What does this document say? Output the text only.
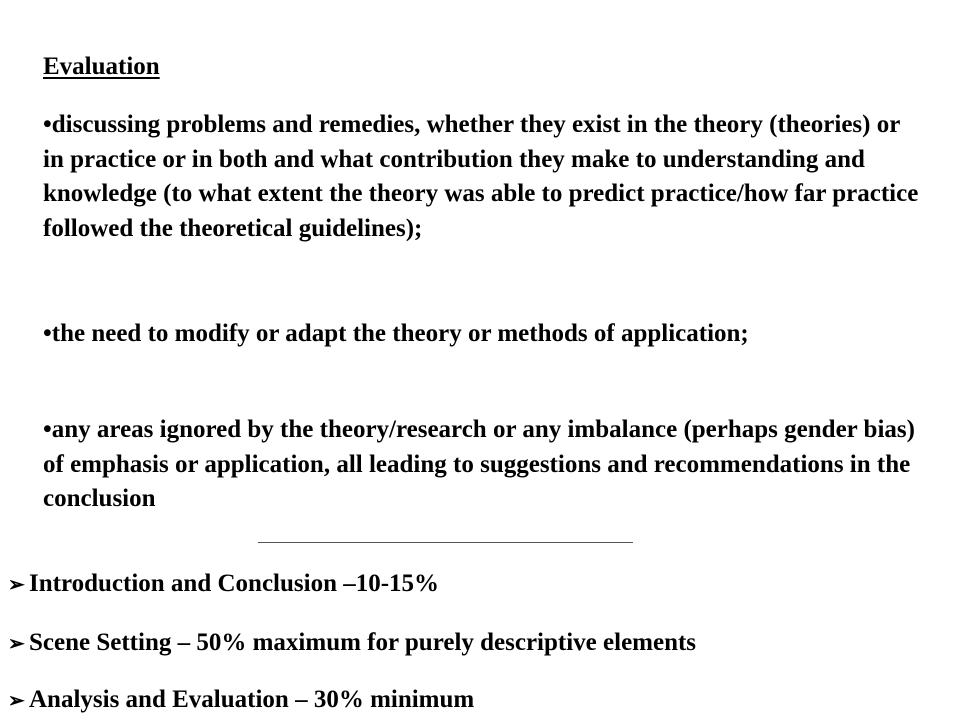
Evaluation

•discussing problems and remedies, whether they exist in the theory (theories) or in practice or in both and what contribution they make to understanding and knowledge (to what extent the theory was able to predict practice/how far practice followed the theoretical guidelines);

•the need to modify or adapt the theory or methods of application;

•any areas ignored by the theory/research or any imbalance (perhaps gender bias) of emphasis or application, all leading to suggestions and recommendations in the conclusion

➢ Introduction and Conclusion –10-15%

➢ Scene Setting – 50% maximum for purely descriptive elements

➢ Analysis and Evaluation – 30% minimum
